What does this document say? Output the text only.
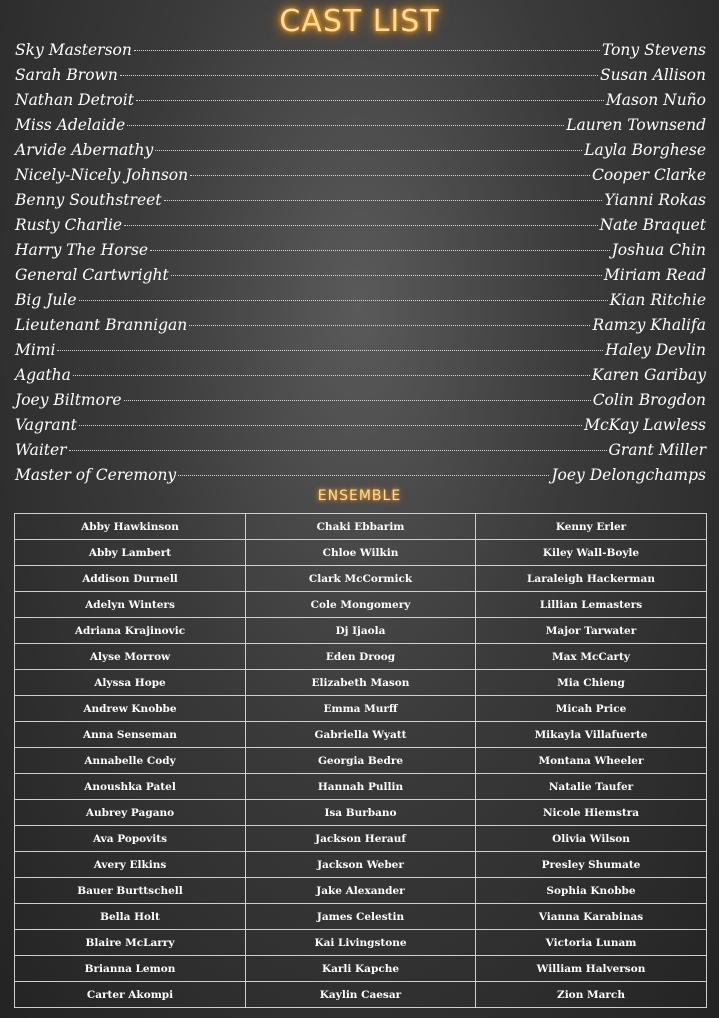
CAST LIST
Sky Masterson	Tony Stevens
Sarah Brown	Susan Allison
Nathan Detroit	Mason Nuño
Miss Adelaide	Lauren Townsend
Arvide Abernathy	Layla Borghese
Nicely-Nicely Johnson	Cooper Clarke
Benny Southstreet	Yianni Rokas
Rusty Charlie	Nate Braquet
Harry The Horse	Joshua Chin
General Cartwright	Miriam Read
Big Jule	Kian Ritchie
Lieutenant Brannigan	Ramzy Khalifa
Mimi	Haley Devlin
Agatha	Karen Garibay
Joey Biltmore	Colin Brogdon
Vagrant	McKay Lawless
Waiter	Grant Miller
Master of Ceremony	Joey Delongchamps
ENSEMBLE
Abby Hawkinson	Chaki Ebbarim	Kenny Erler
Abby Lambert	Chloe Wilkin	Kiley Wall-Boyle
Addison Durnell	Clark McCormick	Laraleigh Hackerman
Adelyn Winters	Cole Mongomery	Lillian Lemasters
Adriana Krajinovic	Dj Ijaola	Major Tarwater
Alyse Morrow	Eden Droog	Max McCarty
Alyssa Hope	Elizabeth Mason	Mia Chieng
Andrew Knobbe	Emma Murff	Micah Price
Anna Senseman	Gabriella Wyatt	Mikayla Villafuerte
Annabelle Cody	Georgia Bedre	Montana Wheeler
Anoushka Patel	Hannah Pullin	Natalie Taufer
Aubrey Pagano	Isa Burbano	Nicole Hiemstra
Ava Popovits	Jackson Herauf	Olivia Wilson
Avery Elkins	Jackson Weber	Presley Shumate
Bauer Burttschell	Jake Alexander	Sophia Knobbe
Bella Holt	James Celestin	Vianna Karabinas
Blaire McLarry	Kai Livingstone	Victoria Lunam
Brianna Lemon	Karli Kapche	William Halverson
Carter Akompi	Kaylin Caesar	Zion March
